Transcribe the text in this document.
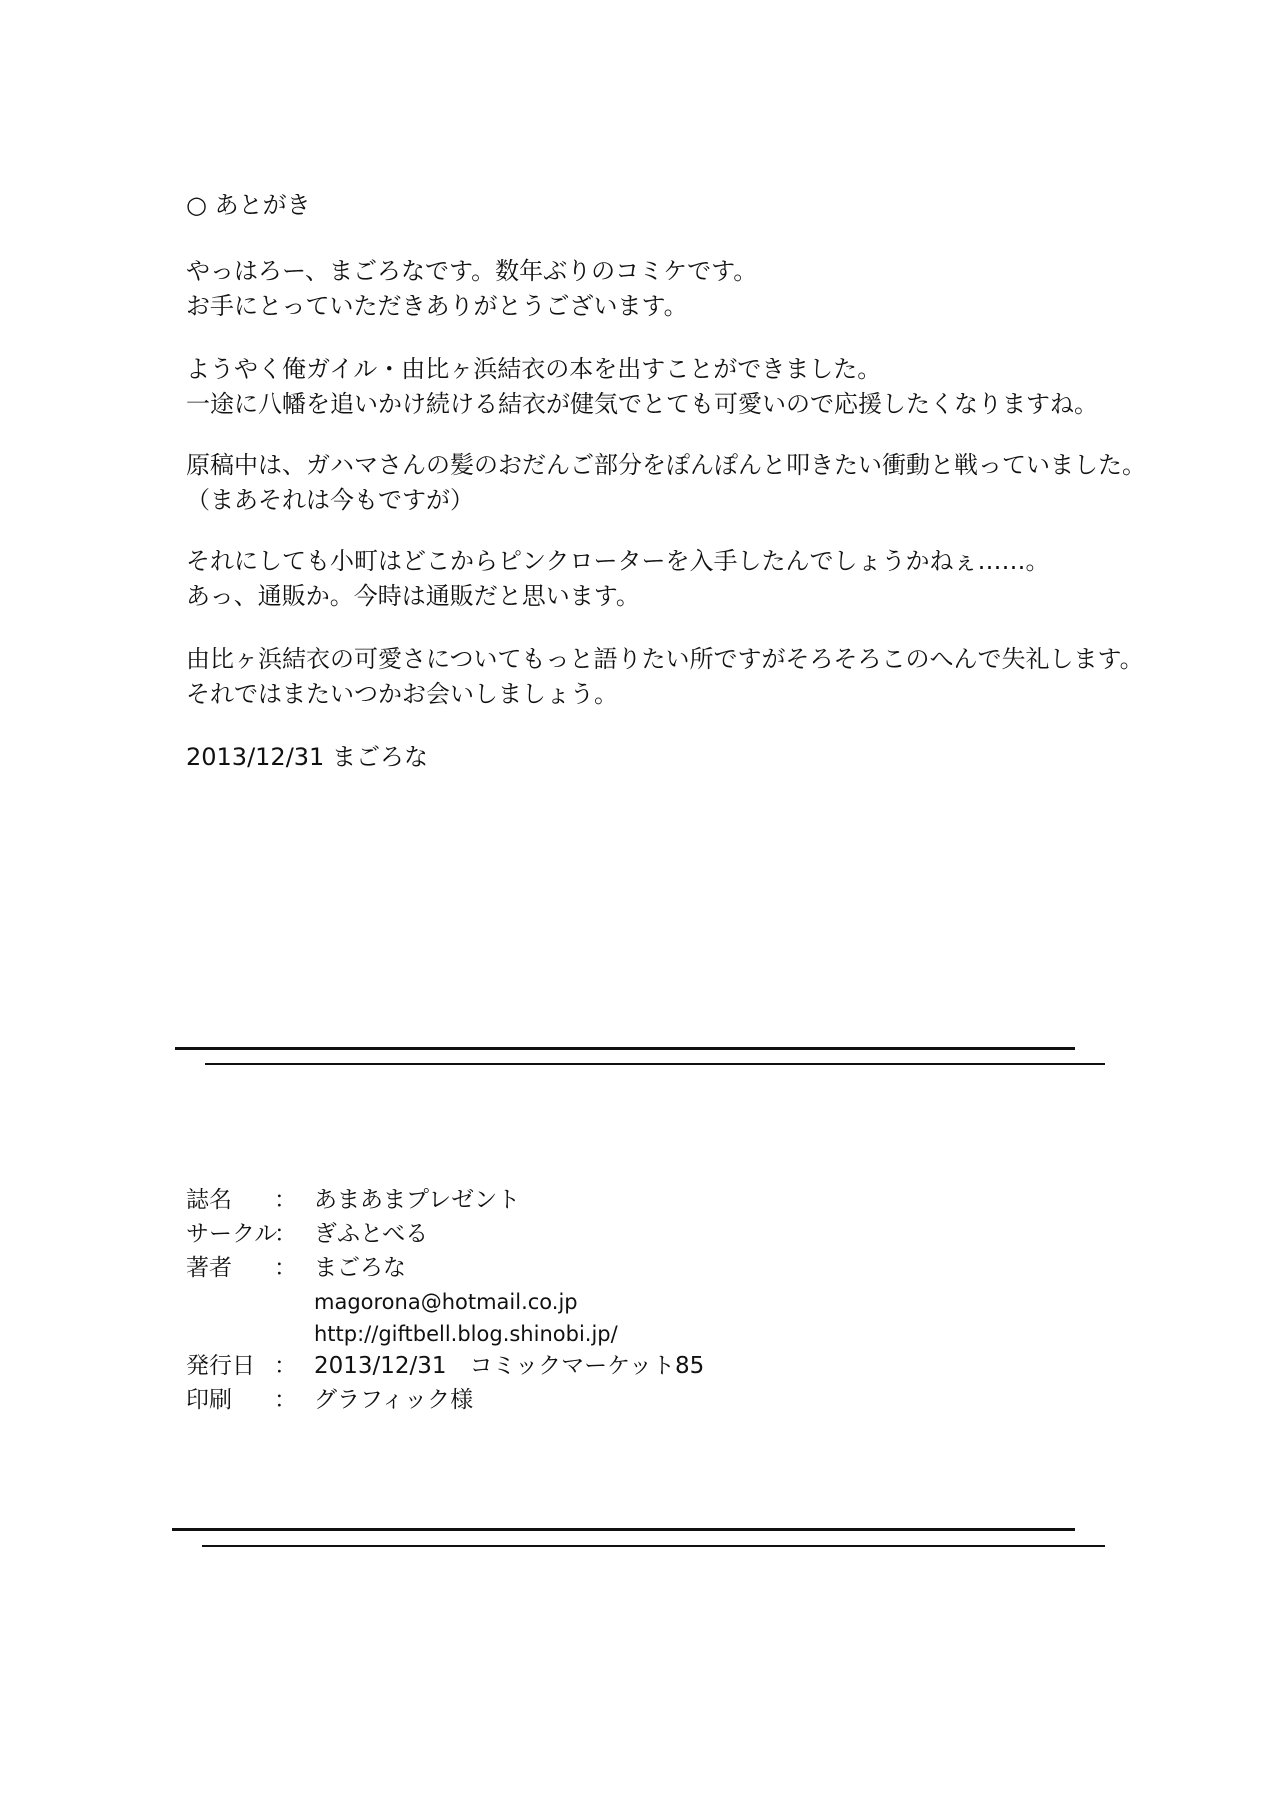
○ あとがき
やっはろー、まごろなです。数年ぶりのコミケです。
お手にとっていただきありがとうございます。
ようやく俺ガイル・由比ヶ浜結衣の本を出すことができました。
一途に八幡を追いかけ続ける結衣が健気でとても可愛いので応援したくなりますね。
原稿中は、ガハマさんの髪のおだんご部分をぽんぽんと叩きたい衝動と戦っていました。
（まあそれは今もですが）
それにしても小町はどこからピンクローターを入手したんでしょうかねぇ……。
あっ、通販か。今時は通販だと思います。
由比ヶ浜結衣の可愛さについてもっと語りたい所ですがそろそろこのへんで失礼します。
それではまたいつかお会いしましょう。
2013/12/31 まごろな
誌名 ： あまあまプレゼント
サークル
： ぎふとべる
著者 ： まごろな
magorona@hotmail.co.jp
http://giftbell.blog.shinobi.jp/
発行日 ： 2013/12/31　コミックマーケット85
印刷 ： グラフィック様
